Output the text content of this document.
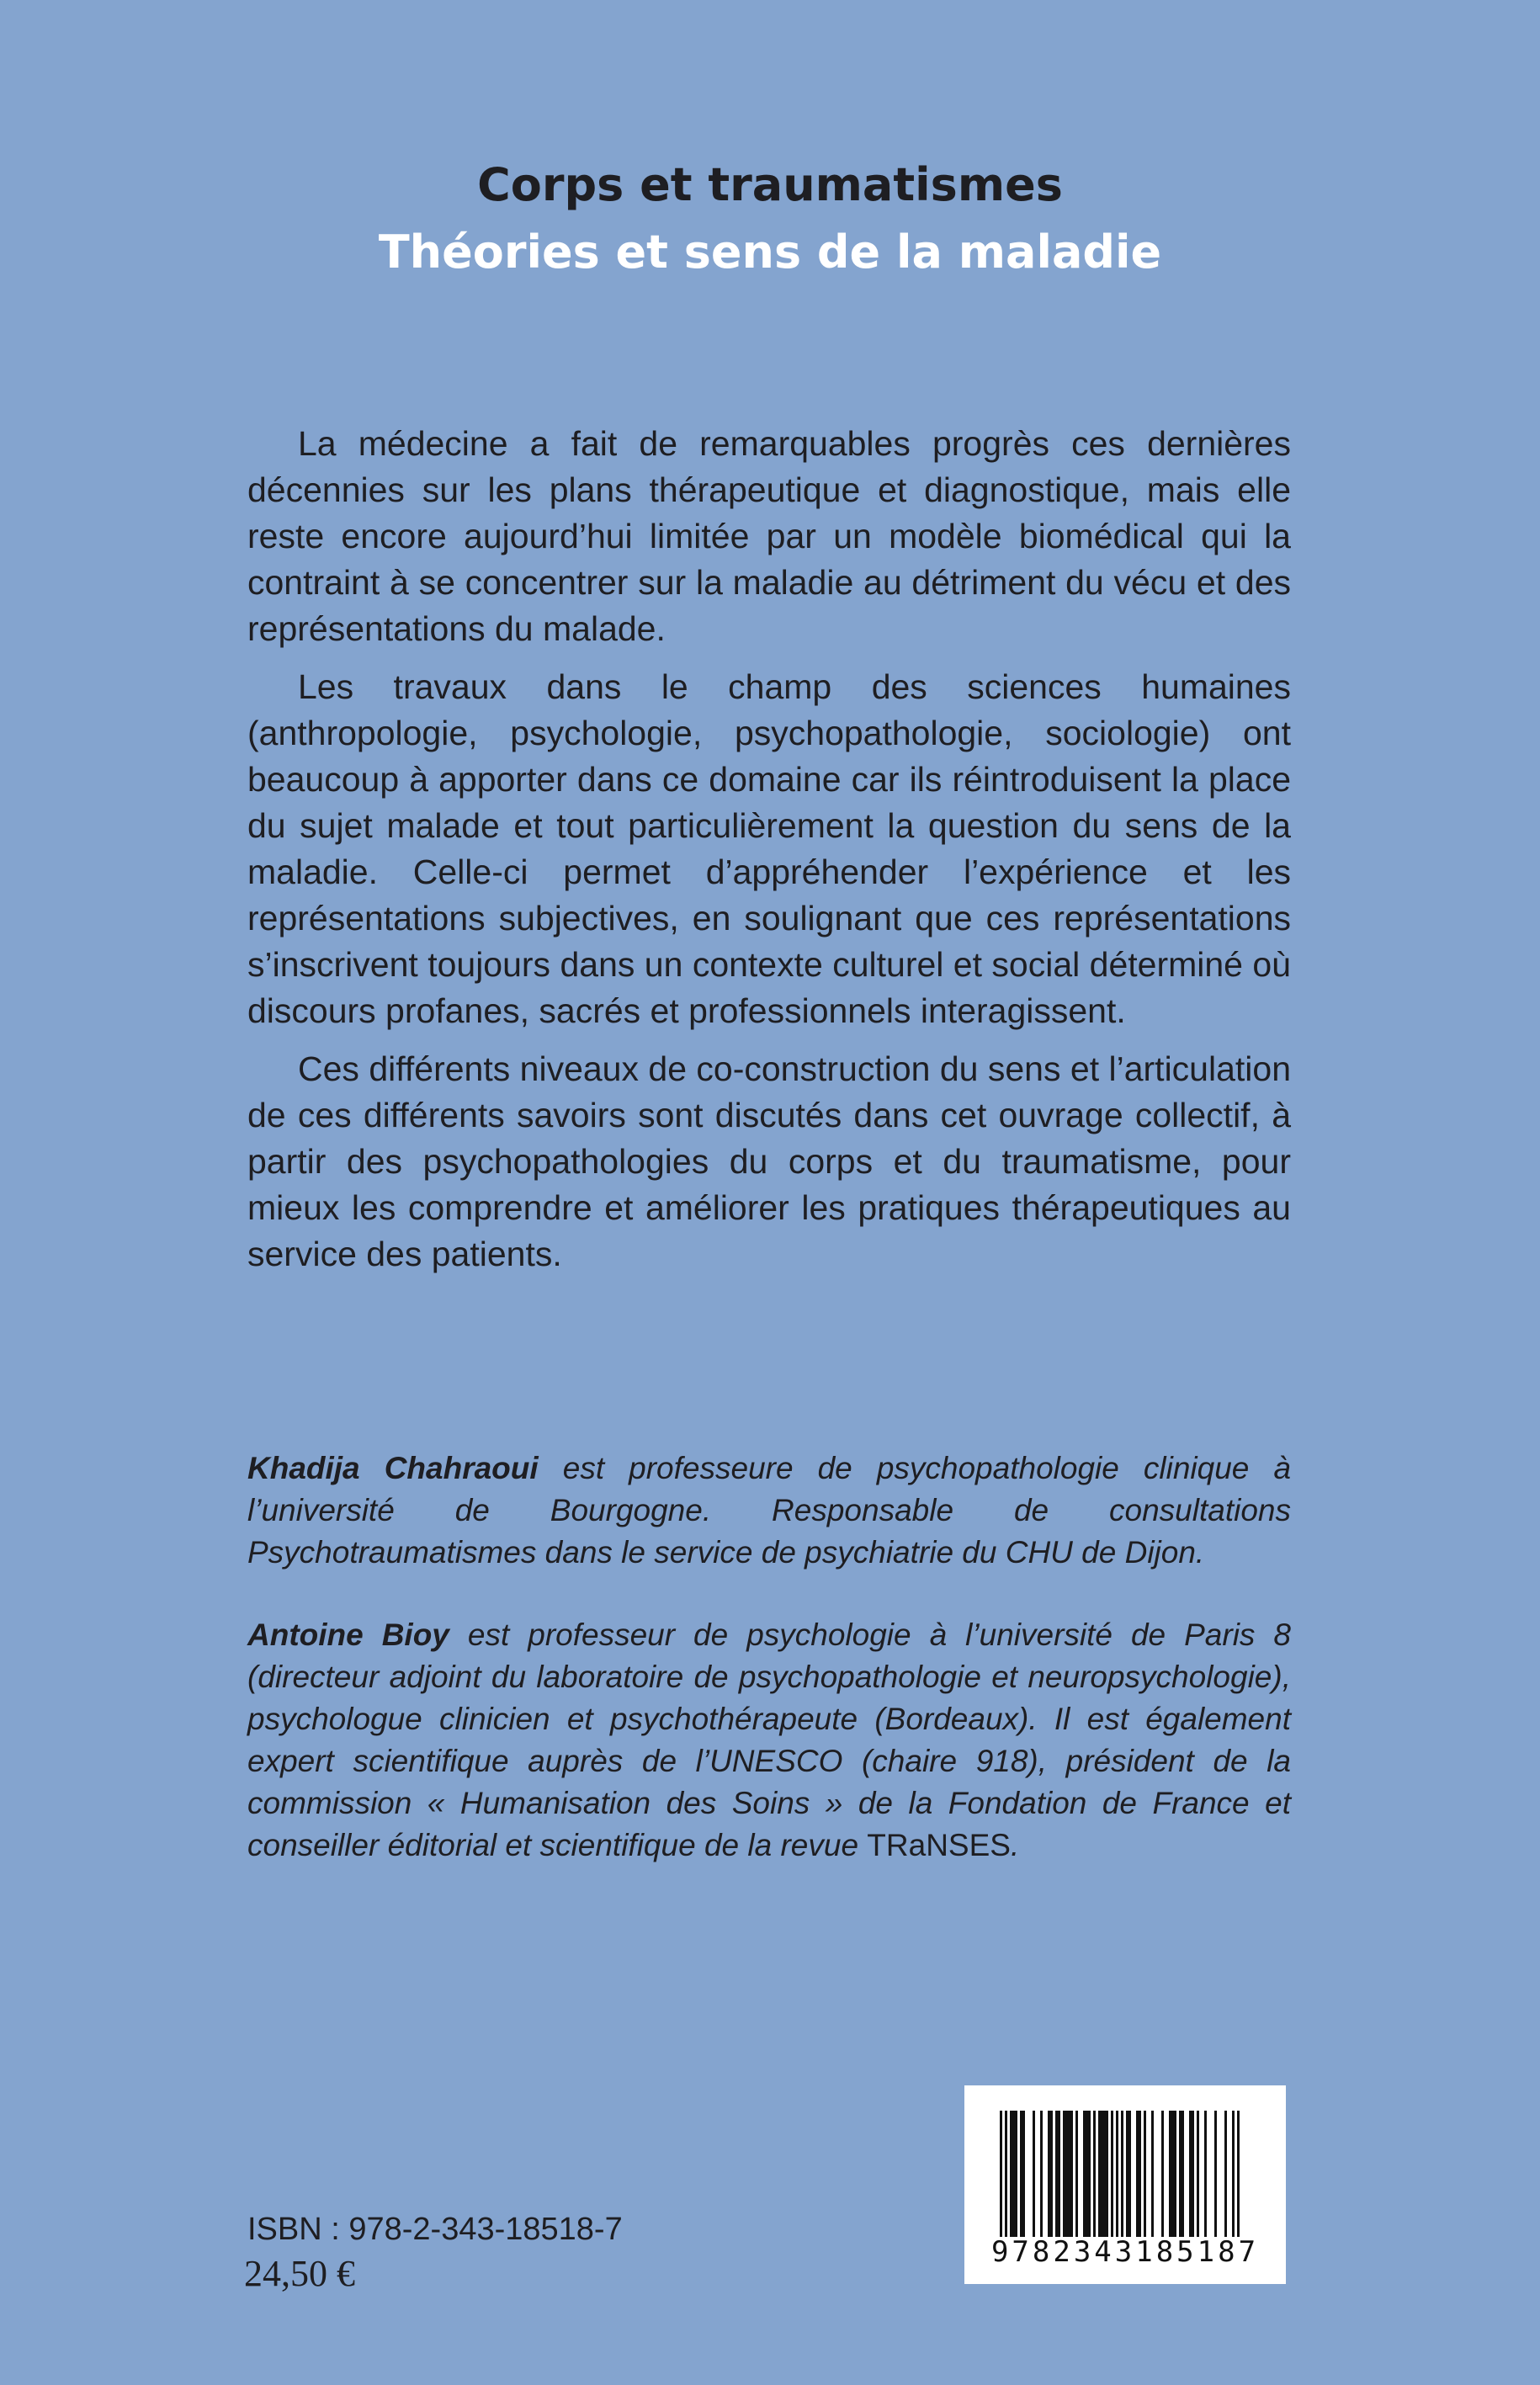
Corps et traumatismes
Théories et sens de la maladie

La médecine a fait de remarquables progrès ces dernières décennies sur les plans thérapeutique et diagnostique, mais elle reste encore aujourd’hui limitée par un modèle biomédical qui la contraint à se concentrer sur la maladie au détriment du vécu et des représentations du malade.

Les travaux dans le champ des sciences humaines (anthropologie, psychologie, psychopathologie, sociologie) ont beaucoup à apporter dans ce domaine car ils réintroduisent la place du sujet malade et tout particulièrement la question du sens de la maladie. Celle-ci permet d’appréhender l’expérience et les représentations subjectives, en soulignant que ces représentations s’inscrivent toujours dans un contexte culturel et social déterminé où discours profanes, sacrés et professionnels interagissent.

Ces différents niveaux de co-construction du sens et l’articulation de ces différents savoirs sont discutés dans cet ouvrage collectif, à partir des psychopathologies du corps et du traumatisme, pour mieux les comprendre et améliorer les pratiques thérapeutiques au service des patients.

Khadija Chahraoui est professeure de psychopathologie clinique à l’université de Bourgogne. Responsable de consultations Psychotraumatismes dans le service de psychiatrie du CHU de Dijon.

Antoine Bioy est professeur de psychologie à l’université de Paris 8 (directeur adjoint du laboratoire de psychopathologie et neuropsychologie), psychologue clinicien et psychothérapeute (Bordeaux). Il est également expert scientifique auprès de l’UNESCO (chaire 918), président de la commission « Humanisation des Soins » de la Fondation de France et conseiller éditorial et scientifique de la revue TRaNSES.

9782343185187
ISBN : 978-2-343-18518-7
24,50 €
